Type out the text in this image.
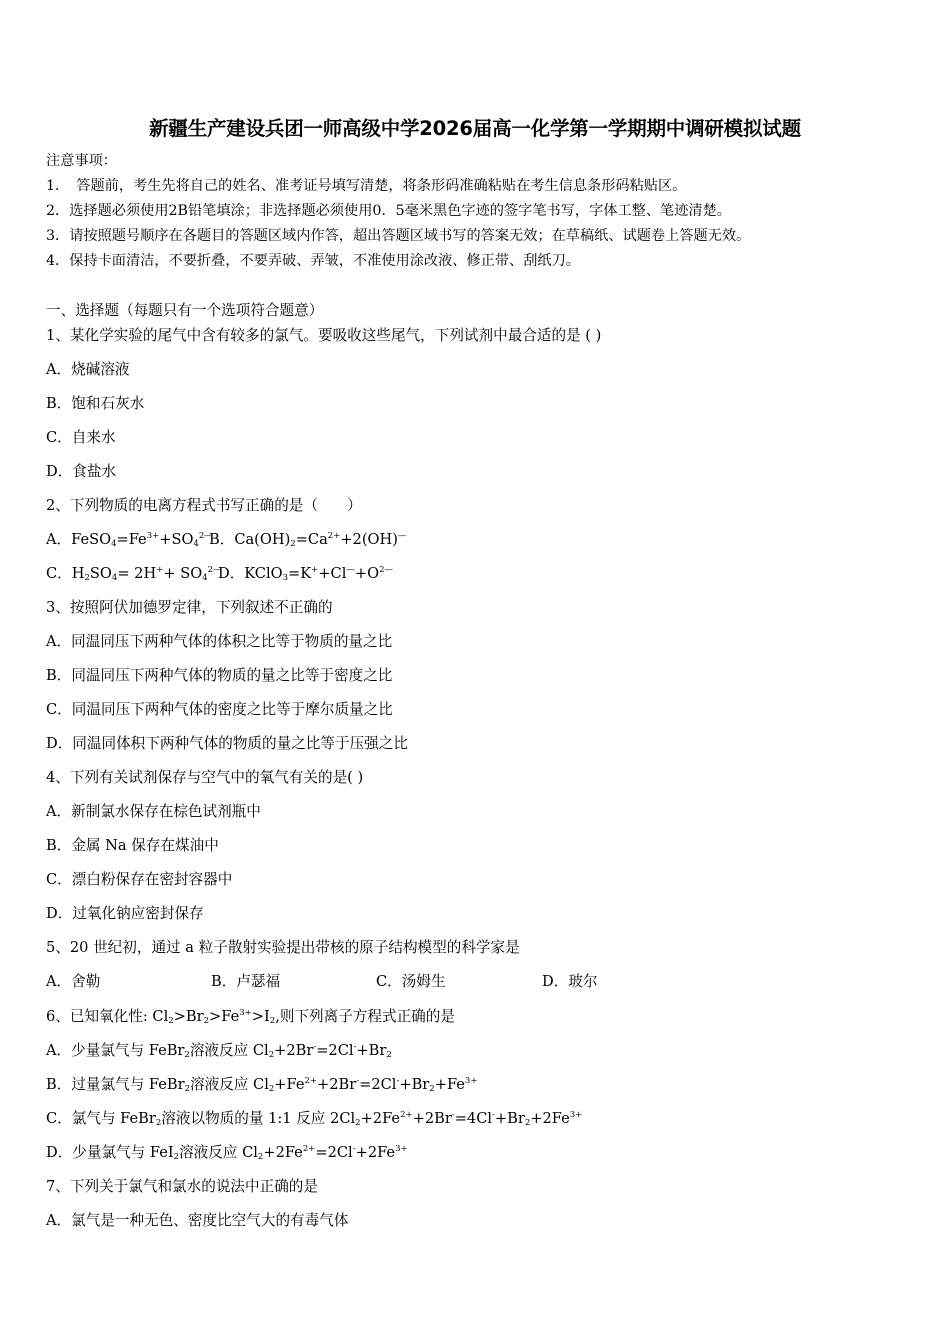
新疆生产建设兵团一师高级中学2026届高一化学第一学期期中调研模拟试题
注意事项：
1．　答题前，考生先将自己的姓名、准考证号填写清楚，将条形码准确粘贴在考生信息条形码粘贴区。
2．选择题必须使用2B铅笔填涂；非选择题必须使用0．5毫米黑色字迹的签字笔书写，字体工整、笔迹清楚。
3．请按照题号顺序在各题目的答题区域内作答，超出答题区域书写的答案无效；在草稿纸、试题卷上答题无效。
4．保持卡面清洁，不要折叠，不要弄破、弄皱，不准使用涂改液、修正带、刮纸刀。
一、选择题（每题只有一个选项符合题意）
1、某化学实验的尾气中含有较多的氯气。要吸收这些尾气，下列试剂中最合适的是 ( )
A．烧碱溶液
B．饱和石灰水
C．自来水
D．食盐水
2、下列物质的电离方程式书写正确的是（　　）
A．$FeSO_4=Fe^{3+}+SO_4^{2—}$
B．$Ca(OH)_2=Ca^{2+}+2(OH)^—$
C．$H_2SO_4= 2H^++ SO_4^{2—}$
D．$KClO_3=K^++Cl^—+O^{2—}$
3、按照阿伏加德罗定律，下列叙述不正确的
A．同温同压下两种气体的体积之比等于物质的量之比
B．同温同压下两种气体的物质的量之比等于密度之比
C．同温同压下两种气体的密度之比等于摩尔质量之比
D．同温同体积下两种气体的物质的量之比等于压强之比
4、下列有关试剂保存与空气中的氧气有关的是( )
A．新制氯水保存在棕色试剂瓶中
B．金属 Na 保存在煤油中
C．漂白粉保存在密封容器中
D．过氧化钠应密封保存
5、20 世纪初，通过 a 粒子散射实验提出带核的原子结构模型的科学家是
A．舍勒	B．卢瑟福	C．汤姆生	D．玻尔
6、已知氧化性: $Cl_2>Br_2>Fe^{3+}>I_2$,则下列离子方程式正确的是
A．少量氯气与 FeBr$_2$溶液反应 $Cl_2+2Br^-=2Cl^-+Br_2$
B．过量氯气与 FeBr$_2$溶液反应 $Cl_2+Fe^{2+}+2Br^-=2Cl^-+Br_2+Fe^{3+}$
C．氯气与 FeBr$_2$溶液以物质的量 1:1 反应 $2Cl_2+2Fe^{2+}+2Br^-=4Cl^-+Br_2+2Fe^{3+}$
D．少量氯气与 FeI$_2$溶液反应 $Cl_2+2Fe^{2+}=2Cl^-+2Fe^{3+}$
7、下列关于氯气和氯水的说法中正确的是
A．氯气是一种无色、密度比空气大的有毒气体
